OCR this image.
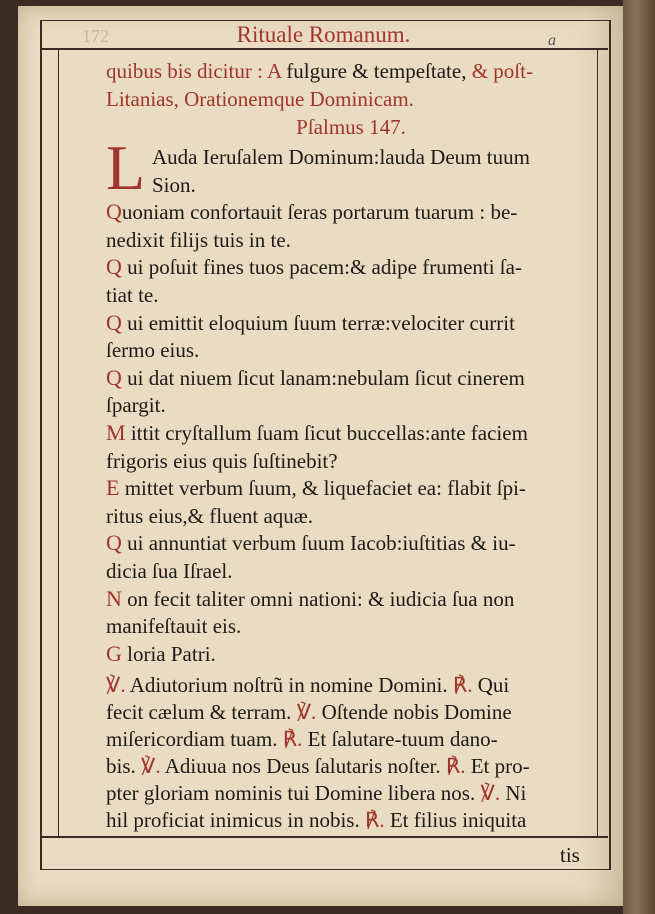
172	Rituale Romanum.	a
quibus bis dicitur : A fulgure & tempeſtate, & poſt-
Litanias, Orationemque Dominicam.
Pſalmus 147.
L Auda Ieruſalem Dominum:lauda Deum tuum
Sion.
Quoniam confortauit ſeras portarum tuarum : be-
nedixit filijs tuis in te.
Q ui poſuit fines tuos pacem:& adipe frumenti ſa-
tiat te.
Q ui emittit eloquium ſuum terræ:velociter currit
ſermo eius.
Q ui dat niuem ſicut lanam:nebulam ſicut cinerem
ſpargit.
M ittit cryſtallum ſuam ſicut buccellas:ante faciem
frigoris eius quis ſuſtinebit?
E mittet verbum ſuum, & liquefaciet ea: flabit ſpi-
ritus eius,& fluent aquæ.
Q ui annuntiat verbum ſuum Iacob:iuſtitias & iu-
dicia ſua Iſrael.
N on fecit taliter omni nationi: & iudicia ſua non
manifeſtauit eis.
G loria Patri.
℣. Adiutorium noſtrũ in nomine Domini. ℟. Qui
fecit cælum & terram. ℣. Oſtende nobis Domine
miſericordiam tuam. ℟. Et ſalutare-tuum dano-
bis. ℣. Adiuua nos Deus ſalutaris noſter. ℟. Et pro-
pter gloriam nominis tui Domine libera nos. ℣. Ni
hil proficiat inimicus in nobis. ℟. Et filius iniquita
tis
